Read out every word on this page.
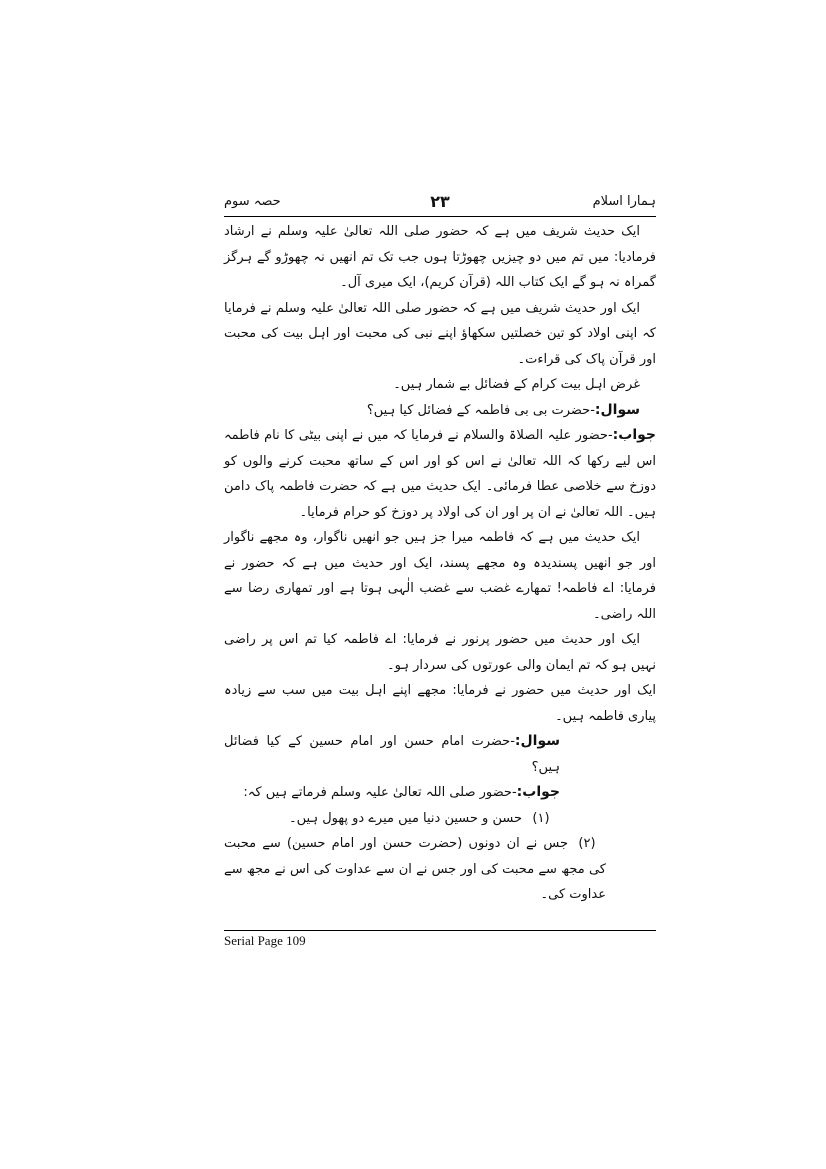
ہمارا اسلام
۲۳
حصہ سوم

ایک حدیث شریف میں ہے کہ حضور صلی اللہ تعالیٰ علیہ وسلم نے ارشاد فرمادیا: میں تم میں دو چیزیں چھوڑتا ہوں جب تک تم انھیں نہ چھوڑو گے ہرگز گمراہ نہ ہو گے ایک کتاب اللہ (قرآن کریم)، ایک میری آل۔

ایک اور حدیث شریف میں ہے کہ حضور صلی اللہ تعالیٰ علیہ وسلم نے فرمایا کہ اپنی اولاد کو تین خصلتیں سکھاؤ اپنے نبی کی محبت اور اہل بیت کی محبت اور قرآن پاک کی قراءت۔

غرض اہل بیت کرام کے فضائل بے شمار ہیں۔

سوال:-حضرت بی بی فاطمہ کے فضائل کیا ہیں؟

جواب:-حضور علیہ الصلاۃ والسلام نے فرمایا کہ میں نے اپنی بیٹی کا نام فاطمہ اس لیے رکھا کہ اللہ تعالیٰ نے اس کو اور اس کے ساتھ محبت کرنے والوں کو دوزخ سے خلاصی عطا فرمائی۔ ایک حدیث میں ہے کہ حضرت فاطمہ پاک دامن ہیں۔ اللہ تعالیٰ نے ان پر اور ان کی اولاد پر دوزخ کو حرام فرمایا۔

ایک حدیث میں ہے کہ فاطمہ میرا جز ہیں جو انھیں ناگوار، وہ مجھے ناگوار اور جو انھیں پسندیدہ وہ مجھے پسند، ایک اور حدیث میں ہے کہ حضور نے فرمایا: اے فاطمہ! تمھارے غضب سے غضب الٰہی ہوتا ہے اور تمھاری رضا سے اللہ راضی۔

ایک اور حدیث میں حضور پرنور نے فرمایا: اے فاطمہ کیا تم اس پر راضی نہیں ہو کہ تم ایمان والی عورتوں کی سردار ہو۔

ایک اور حدیث میں حضور نے فرمایا: مجھے اپنے اہل بیت میں سب سے زیادہ پیاری فاطمہ ہیں۔

سوال:-حضرت امام حسن اور امام حسین کے کیا فضائل ہیں؟

جواب:-حضور صلی اللہ تعالیٰ علیہ وسلم فرماتے ہیں کہ:

(۱)حسن و حسین دنیا میں میرے دو پھول ہیں۔

(۲)جس نے ان دونوں (حضرت حسن اور امام حسین) سے محبت کی مجھ سے محبت کی اور جس نے ان سے عداوت کی اس نے مجھ سے عداوت کی۔

Serial Page 109
